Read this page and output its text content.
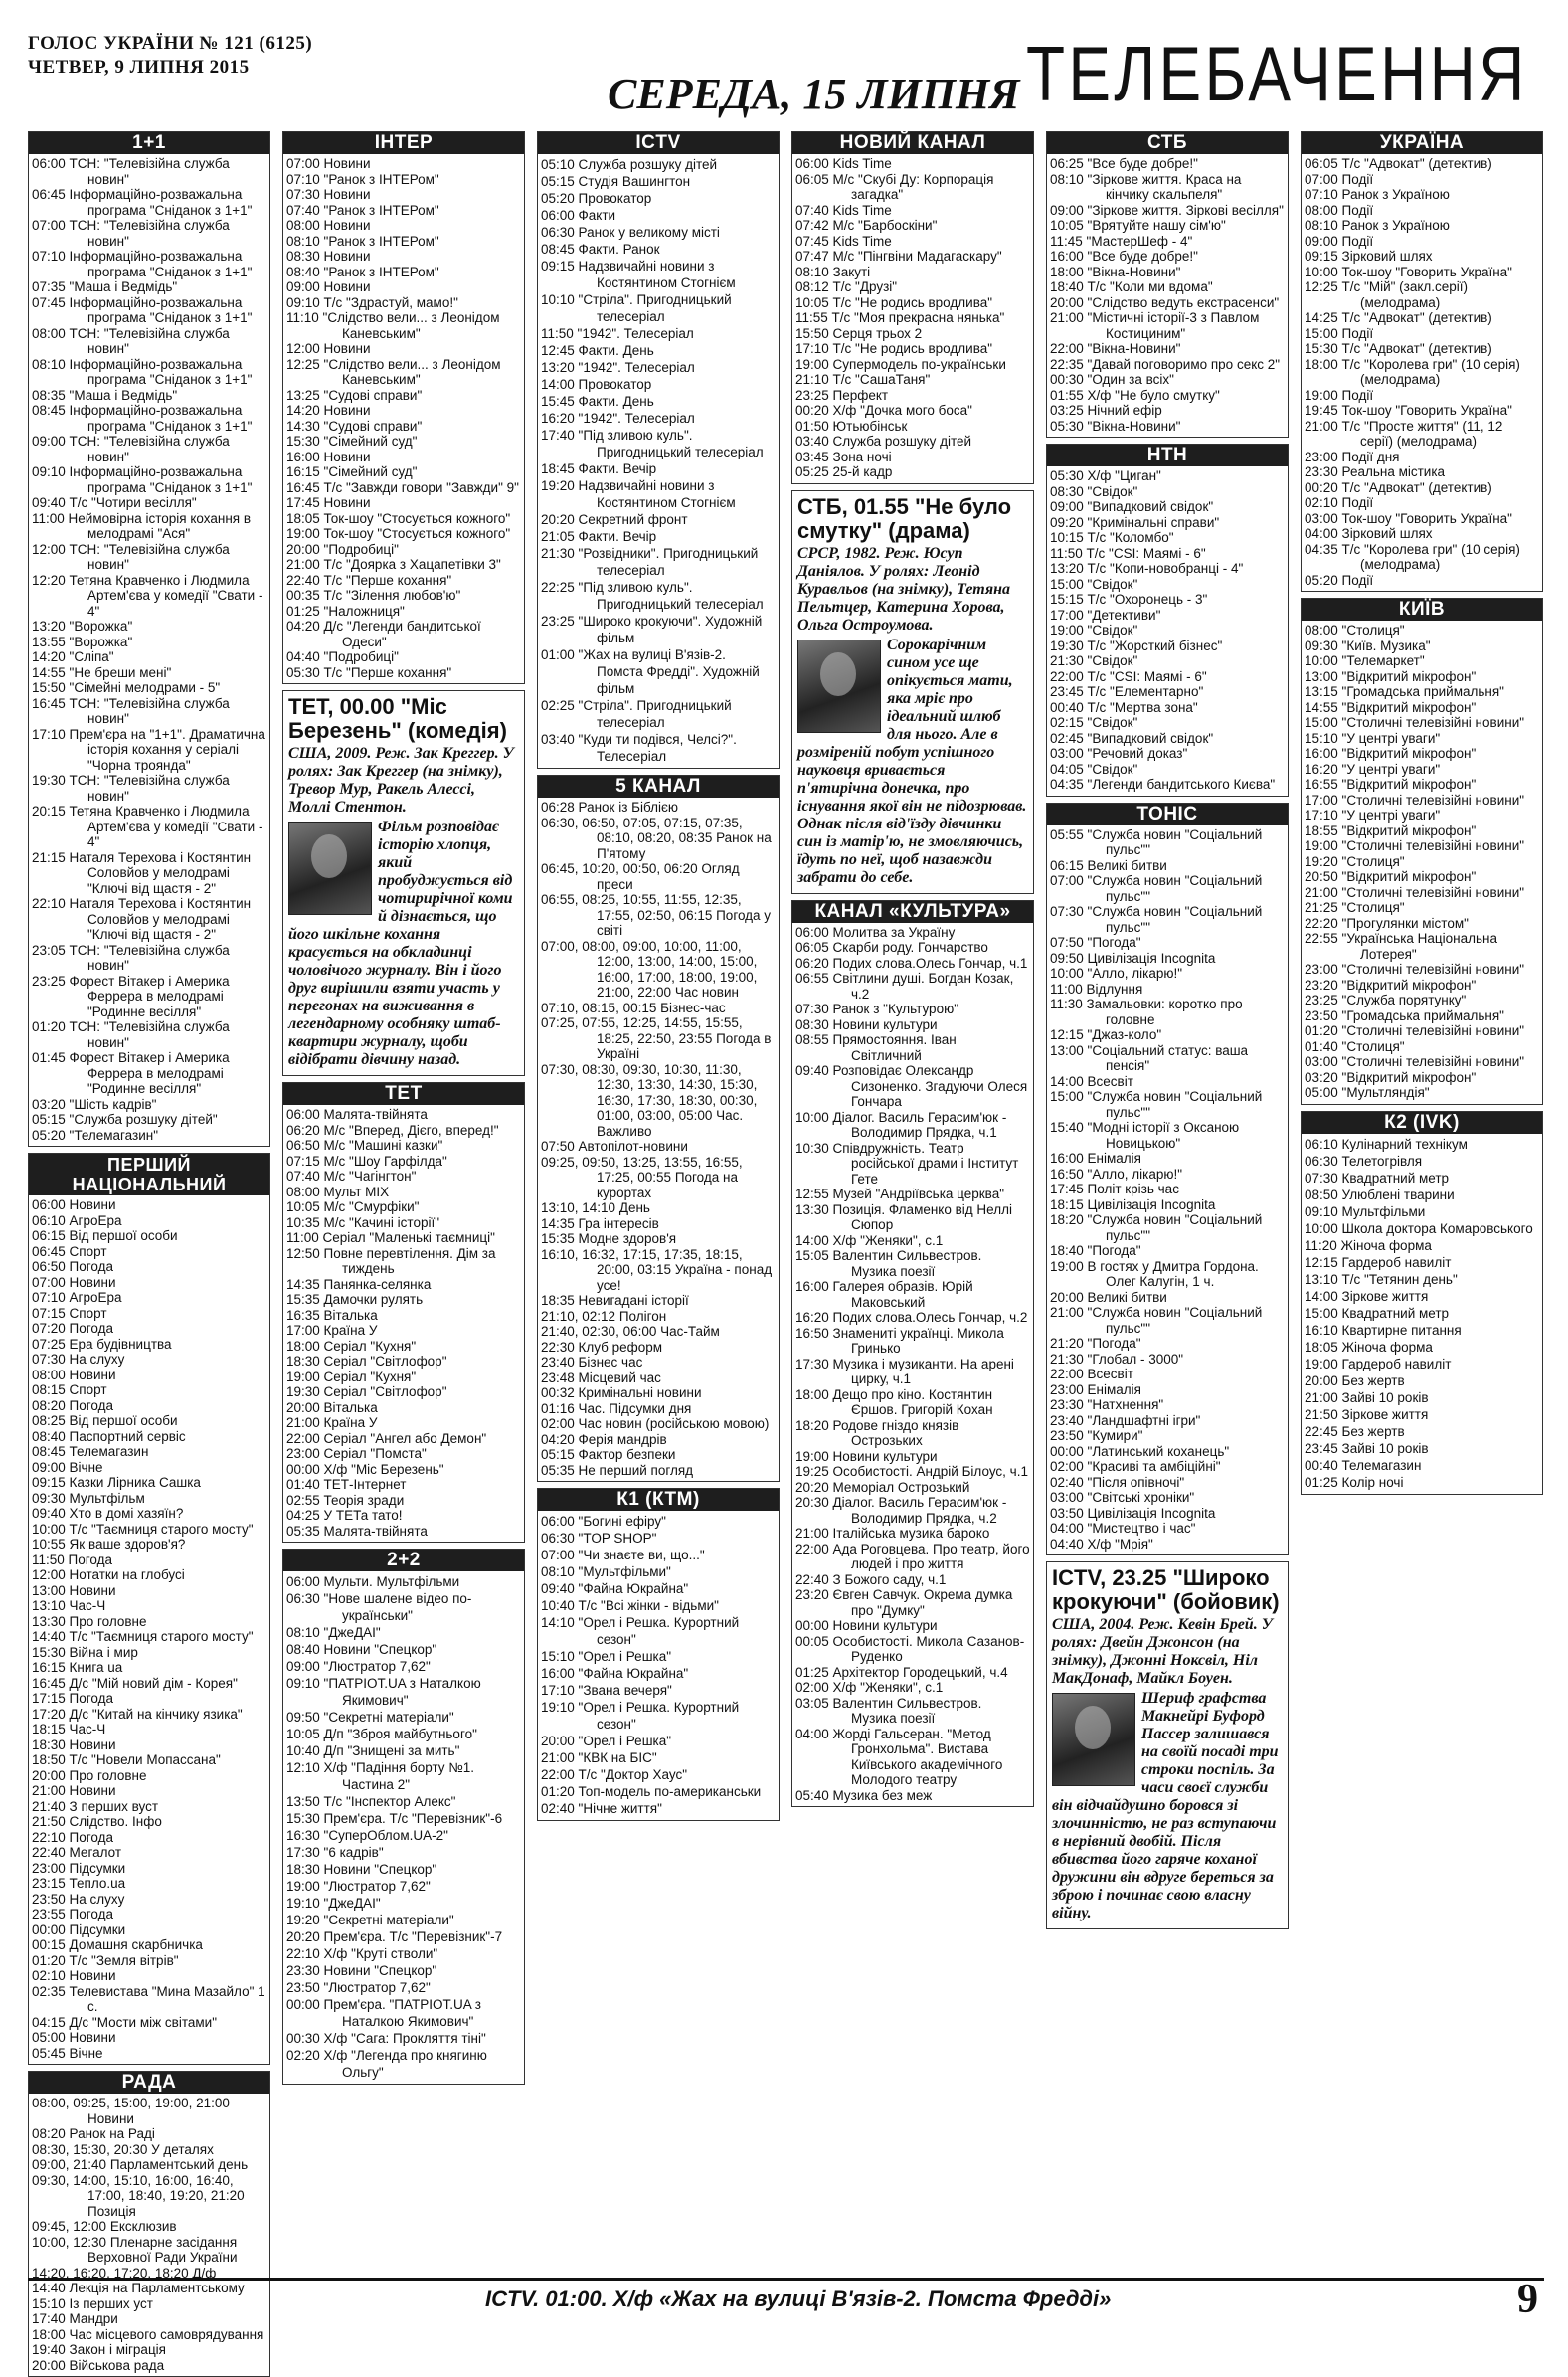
ГОЛОС УКРАЇНИ № 121 (6125)
ЧЕТВЕР, 9 ЛИПНЯ 2015
СЕРЕДА, 15 ЛИПНЯ ТЕЛЕБАЧЕННЯ
1+1
06:00 ТСН: "Телевізійна служба новин"
06:45 Інформаційно-розважальна програма "Сніданок з 1+1"
07:00 ТСН: "Телевізійна служба новин"
07:10 Інформаційно-розважальна програма "Сніданок з 1+1"
07:35 "Маша і Ведмідь"
07:45 Інформаційно-розважальна програма "Сніданок з 1+1"
08:00 ТСН: "Телевізійна служба новин"
08:10 Інформаційно-розважальна програма "Сніданок з 1+1"
08:35 "Маша і Ведмідь"
08:45 Інформаційно-розважальна програма "Сніданок з 1+1"
09:00 ТСН: "Телевізійна служба новин"
09:10 Інформаційно-розважальна програма "Сніданок з 1+1"
09:40 Т/с "Чотири весілля"
11:00 Неймовірна історія кохання в мелодрамі "Ася"
12:00 ТСН: "Телевізійна служба новин"
12:20 Тетяна Кравченко і Людмила Артем'єва у комедії "Свати - 4"
13:20 "Ворожка"
13:55 "Ворожка"
14:20 "Сліпа"
14:55 "Не бреши мені"
15:50 "Сімейні мелодрами - 5"
16:45 ТСН: "Телевізійна служба новин"
17:10 Прем'єра на "1+1". Драматична історія кохання у серіалі "Чорна троянда"
19:30 ТСН: "Телевізійна служба новин"
20:15 Тетяна Кравченко і Людмила Артем'єва у комедії "Свати - 4"
21:15 Наталя Терехова і Костянтин Соловйов у мелодрамі "Ключі від щастя - 2"
22:10 Наталя Терехова і Костянтин Соловйов у мелодрамі "Ключі від щастя - 2"
23:05 ТСН: "Телевізійна служба новин"
23:25 Форест Вітакер і Америка Феррера в мелодрамі "Родинне весілля"
01:20 ТСН: "Телевізійна служба новин"
01:45 Форест Вітакер і Америка Феррера в мелодрамі "Родинне весілля"
03:20 "Шість кадрів"
05:15 "Служба розшуку дітей"
05:20 "Телемагазин"
ПЕРШИЙ НАЦІОНАЛЬНИЙ
06:00 Новини
06:10 АгроЕра
06:15 Від першої особи
06:45 Спорт
06:50 Погода
07:00 Новини
07:10 АгроЕра
07:15 Спорт
07:20 Погода
07:25 Ера будівництва
07:30 На слуху
08:00 Новини
08:15 Спорт
08:20 Погода
08:25 Від першої особи
08:40 Паспортний сервіс
08:45 Телемагазин
09:00 Вічне
09:15 Казки Лірника Сашка
09:30 Мультфільм
09:40 Хто в домі хазяїн?
10:00 Т/с "Таємниця старого мосту"
10:55 Як ваше здоров'я?
11:50 Погода
12:00 Нотатки на глобусі
13:00 Новини
13:10 Час-Ч
13:30 Про головне
14:40 Т/с "Таємниця старого мосту"
15:30 Війна і мир
16:15 Книга ua
16:45 Д/с "Мій новий дім - Корея"
17:15 Погода
17:20 Д/с "Китай на кінчику язика"
18:15 Час-Ч
18:30 Новини
18:50 Т/с "Новели Мопассана"
20:00 Про головне
21:00 Новини
21:40 З перших вуст
21:50 Слідство. Інфо
22:10 Погода
22:40 Мегалот
23:00 Підсумки
23:15 Тепло.ua
23:50 На слуху
23:55 Погода
00:00 Підсумки
00:15 Домашня скарбничка
01:20 Т/с "Земля вітрів"
02:10 Новини
02:35 Телевистава "Мина Мазайло" 1 с.
04:15 Д/с "Мости між світами"
05:00 Новини
05:45 Вічне
РАДА
08:00, 09:25, 15:00, 19:00, 21:00 Новини
08:20 Ранок на Раді
08:30, 15:30, 20:30 У деталях
09:00, 21:40 Парламентський день
09:30, 14:00, 15:10, 16:00, 16:40, 17:00, 18:40, 19:20, 21:20 Позиція
09:45, 12:00 Ексклюзив
10:00, 12:30 Пленарне засідання Верховної Ради України
14:20, 16:20, 17:20, 18:20 Д/ф
14:40 Лекція на Парламентському
15:10 Із перших уст
17:40 Мандри
18:00 Час місцевого самоврядування
19:40 Закон і міграція
20:00 Військова рада
ІНТЕР
07:00 Новини
07:10 "Ранок з ІНТЕРом"
07:30 Новини
07:40 "Ранок з ІНТЕРом"
08:00 Новини
08:10 "Ранок з ІНТЕРом"
08:30 Новини
08:40 "Ранок з ІНТЕРом"
09:00 Новини
09:10 Т/с "Здрастуй, мамо!"
11:10 "Слідство вели... з Леонідом Каневським"
12:00 Новини
12:25 "Слідство вели... з Леонідом Каневським"
13:25 "Судові справи"
14:20 Новини
14:30 "Судові справи"
15:30 "Сімейний суд"
16:00 Новини
16:15 "Сімейний суд"
16:45 Т/с "Завжди говори "Завжди" 9"
17:45 Новини
18:05 Ток-шоу "Стосується кожного"
19:00 Ток-шоу "Стосується кожного"
20:00 "Подробиці"
21:00 Т/с "Доярка з Хацапетівки 3"
22:40 Т/с "Перше кохання"
00:35 Т/с "Зілення любов'ю"
01:25 "Наложниця"
04:20 Д/с "Легенди бандитської Одеси"
04:40 "Подробиці"
05:30 Т/с "Перше кохання"
ТЕТ, 00.00 "Міс Березень" (комедія)
США, 2009. Реж. Зак Креггер. У ролях: Зак Креггер (на знімку), Тревор Мур, Ракель Алессі, Моллі Стентон.
Фільм розповідає історію хлопця, який пробуджується від чотирирічної коми й дізнається, що його шкільне кохання красується на обкладинці чоловічого журналу. Він і його друг вирішили взяти участь у перегонах на виживання в легендарному особняку штаб-квартири журналу, щоби відібрати дівчину назад.
ТЕТ
06:00 Малята-твійнята
06:20 М/с "Вперед, Дієго, вперед!"
06:50 М/с "Машині казки"
07:15 М/с "Шоу Гарфілда"
07:40 М/с "Чагінгтон"
08:00 Мульт МІХ
10:05 М/с "Смурфіки"
10:35 М/с "Качині історії"
11:00 Серіал "Маленькі таємниці"
12:50 Повне перевтілення. Дім за тиждень
14:35 Панянка-селянка
15:35 Дамочки рулять
16:35 Віталька
17:00 Країна У
18:00 Серіал "Кухня"
18:30 Серіал "Світлофор"
19:00 Серіал "Кухня"
19:30 Серіал "Світлофор"
20:00 Віталька
21:00 Країна У
22:00 Серіал "Ангел або Демон"
23:00 Серіал "Помста"
00:00 Х/ф "Міс Березень"
01:40 ТЕТ-Інтернет
02:55 Теорія зради
04:25 У ТЕТа тато!
05:35 Малята-твійнята
2+2
06:00 Мульти. Мультфільми
06:30 "Нове шалене відео по-українськи"
08:10 "ДжеДАІ"
08:40 Новини "Спецкор"
09:00 "Люстратор 7,62"
09:10 "ПАТРІОТ.UA з Наталкою Якимович"
09:50 "Секретні матеріали"
10:05 Д/п "Зброя майбутнього"
10:40 Д/п "Знищені за мить"
12:10 Х/ф "Падіння борту №1. Частина 2"
13:50 Т/с "Інспектор Алекс"
15:30 Прем'єра. Т/с "Перевізник"-6
16:30 "СуперОблом.UA-2"
17:30 "6 кадрів"
18:30 Новини "Спецкор"
19:00 "Люстратор 7,62"
19:10 "ДжеДАІ"
19:20 "Секретні матеріали"
20:20 Прем'єра. Т/с "Перевізник"-7
22:10 Х/ф "Круті стволи"
23:30 Новини "Спецкор"
23:50 "Люстратор 7,62"
00:00 Прем'єра. "ПАТРІОТ.UA з Наталкою Якимович"
00:30 Х/ф "Сага: Прокляття тіні"
02:20 Х/ф "Легенда про княгиню Ольгу"
ICTV
05:10 Служба розшуку дітей
05:15 Студія Вашингтон
05:20 Провокатор
06:00 Факти
06:30 Ранок у великому місті
08:45 Факти. Ранок
09:15 Надзвичайні новини з Костянтином Стогнієм
10:10 "Стріла". Пригодницький телесеріал
11:50 "1942". Телесеріал
12:45 Факти. День
13:20 "1942". Телесеріал
14:00 Провокатор
15:45 Факти. День
16:20 "1942". Телесеріал
17:40 "Під зливою куль". Пригодницький телесеріал
18:45 Факти. Вечір
19:20 Надзвичайні новини з Костянтином Стогнієм
20:20 Секретний фронт
21:05 Факти. Вечір
21:30 "Розвідники". Пригодницький телесеріал
22:25 "Під зливою куль". Пригодницький телесеріал
23:25 "Широко крокуючи". Художній фільм
01:00 "Жах на вулиці В'язів-2. Помста Фредді". Художній фільм
02:25 "Стріла". Пригодницький телесеріал
03:40 "Куди ти подівся, Челсі?". Телесеріал
5 КАНАЛ
06:28 Ранок із Біблією
06:30, 06:50, 07:05, 07:15, 07:35, 08:10, 08:20, 08:35 Ранок на П'ятому
06:45, 10:20, 00:50, 06:20 Огляд преси
06:55, 08:25, 10:55, 11:55, 12:35, 17:55, 02:50, 06:15 Погода у світі
07:00, 08:00, 09:00, 10:00, 11:00, 12:00, 13:00, 14:00, 15:00, 16:00, 17:00, 18:00, 19:00, 21:00, 22:00 Час новин
07:10, 08:15, 00:15 Бізнес-час
07:25, 07:55, 12:25, 14:55, 15:55, 18:25, 22:50, 23:55 Погода в Україні
07:30, 08:30, 09:30, 10:30, 11:30, 12:30, 13:30, 14:30, 15:30, 16:30, 17:30, 18:30, 00:30, 01:00, 03:00, 05:00 Час. Важливо
07:50 Автопілот-новини
09:25, 09:50, 13:25, 13:55, 16:55, 17:25, 00:55 Погода на курортах
13:10, 14:10 День
14:35 Гра інтересів
15:35 Модне здоров'я
16:10, 16:32, 17:15, 17:35, 18:15, 20:00, 03:15 Україна - понад усе!
18:35 Невигадані історії
21:10, 02:12 Полігон
21:40, 02:30, 06:00 Час-Тайм
22:30 Клуб реформ
23:40 Бізнес час
23:48 Місцевий час
00:32 Кримінальні новини
01:16 Час. Підсумки дня
02:00 Час новин (російською мовою)
04:20 Ферія мандрів
05:15 Фактор безпеки
05:35 Не перший погляд
К1 (КТМ)
06:00 "Богині ефіру"
06:30 "TOP SHOP"
07:00 "Чи знаєте ви, що..."
08:10 "Мультфільми"
09:40 "Файна Юкрайна"
10:40 Т/с "Всі жінки - відьми"
14:10 "Орел і Решка. Курортний сезон"
15:10 "Орел і Решка"
16:00 "Файна Юкрайна"
17:10 "Звана вечеря"
19:10 "Орел і Решка. Курортний сезон"
20:00 "Орел і Решка"
21:00 "КВК на БІС"
22:00 Т/с "Доктор Хаус"
01:20 Топ-модель по-американськи
02:40 "Нічне життя"
НОВИЙ КАНАЛ
06:00 Kids Time
06:05 М/с "Скубі Ду: Корпорація загадка"
07:40 Kids Time
07:42 М/с "Барбоскіни"
07:45 Kids Time
07:47 М/с "Пінгвіни Мадагаскару"
08:10 Закуті
08:12 Т/с "Друзі"
10:05 Т/с "Не родись вродлива"
11:55 Т/с "Моя прекрасна нянька"
15:50 Серця трьох 2
17:10 Т/с "Не родись вродлива"
19:00 Супермодель по-українськи
21:10 Т/с "СашаТаня"
23:25 Перфект
00:20 Х/ф "Дочка мого боса"
01:50 Ютьюбінськ
03:40 Служба розшуку дітей
03:45 Зона ночі
05:25 25-й кадр
СТБ, 01.55 "Не було смутку" (драма)
СРСР, 1982. Реж. Юсуп Даніялов. У ролях: Леонід Куравльов (на знімку), Тетяна Пельтцер, Катерина Хорова, Ольга Остроумова.
Сорокарічним сином усе ще опікується мати, яка мріє про ідеальний шлюб для нього. Але в розміреній побут успішного науковця вривається п'ятирічна донечка, про існування якої він не підозрював. Однак після від'їзду дівчинки син із матір'ю, не змовляючись, їдуть по неї, щоб назавжди забрати до себе.
КАНАЛ «КУЛЬТУРА»
06:00 Молитва за Україну
06:05 Скарби роду. Гончарство
06:20 Подих слова.Олесь Гончар, ч.1
06:55 Світлини душі. Богдан Козак, ч.2
07:30 Ранок з "Культурою"
08:30 Новини культури
08:55 Прямостояння. Іван Світличний
09:40 Розповідає Олександр Сизоненко. Згадуючи Олеся Гончара
10:00 Діалог. Василь Герасим'юк - Володимир Прядка, ч.1
10:30 Співдружність. Театр російської драми і Інститут Гете
12:55 Музей "Андріївська церква"
13:30 Позиція. Фламенко від Неллі Сюпор
14:00 Х/ф "Женяки", с.1
15:05 Валентин Сильвестров. Музика поезії
16:00 Галерея образів. Юрій Маковський
16:20 Подих слова.Олесь Гончар, ч.2
16:50 Знамениті українці. Микола Гринько
17:30 Музика і музиканти. На арені цирку, ч.1
18:00 Дещо про кіно. Костянтин Єршов. Григорій Кохан
18:20 Родове гніздо князів Острозьких
19:00 Новини культури
19:25 Особистості. Андрій Білоус, ч.1
20:20 Меморіал Острозький
20:30 Діалог. Василь Герасим'юк - Володимир Прядка, ч.2
21:00 Італійська музика бароко
22:00 Ада Роговцева. Про театр, його людей і про життя
22:40 З Божого саду, ч.1
23:20 Євген Савчук. Окрема думка про "Думку"
00:00 Новини культури
00:05 Особистості. Микола Сазанов-Руденко
01:25 Архітектор Городецький, ч.4
02:00 Х/ф "Женяки", с.1
03:05 Валентин Сильвестров. Музика поезії
04:00 Жорді Гальсеран. "Метод Гронхольма". Вистава Київського академічного Молодого театру
05:40 Музика без меж
СТБ
06:25 "Все буде добре!"
08:10 "Зіркове життя. Краса на кінчику скальпеля"
09:00 "Зіркове життя. Зіркові весілля"
10:05 "Врятуйте нашу сім'ю"
11:45 "МастерШеф - 4"
16:00 "Все буде добре!"
18:00 "Вікна-Новини"
18:40 Т/с "Коли ми вдома"
20:00 "Слідство ведуть екстрасенси"
21:00 "Містичні історії-3 з Павлом Костициним"
22:00 "Вікна-Новини"
22:35 "Давай поговоримо про секс 2"
00:30 "Один за всіх"
01:55 Х/ф "Не було смутку"
03:25 Нічний ефір
05:30 "Вікна-Новини"
НТН
05:30 Х/ф "Циган"
08:30 "Свідок"
09:00 "Випадковий свідок"
09:20 "Кримінальні справи"
10:15 Т/с "Коломбо"
11:50 Т/с "CSI: Маямі - 6"
13:20 Т/с "Копи-новобранці - 4"
15:00 "Свідок"
15:15 Т/с "Охоронець - 3"
17:00 "Детективи"
19:00 "Свідок"
19:30 Т/с "Жорсткий бізнес"
21:30 "Свідок"
22:00 Т/с "CSI: Маямі - 6"
23:45 Т/с "Елементарно"
00:40 Т/с "Мертва зона"
02:15 "Свідок"
02:45 "Випадковий свідок"
03:00 "Речовий доказ"
04:05 "Свідок"
04:35 "Легенди бандитського Києва"
ТОНІС
05:55 "Служба новин "Соціальний пульс""
06:15 Великі битви
07:00 "Служба новин "Соціальний пульс""
07:30 "Служба новин "Соціальний пульс""
07:50 "Погода"
09:50 Цивілізація Incognita
10:00 "Алло, лікарю!"
11:00 Відлуння
11:30 Замальовки: коротко про головне
12:15 "Джаз-коло"
13:00 "Соціальний статус: ваша пенсія"
14:00 Всесвіт
15:00 "Служба новин "Соціальний пульс""
15:40 "Модні історії з Оксаною Новицькою"
16:00 Енімалія
16:50 "Алло, лікарю!"
17:45 Політ крізь час
18:15 Цивілізація Incognita
18:20 "Служба новин "Соціальний пульс""
18:40 "Погода"
19:00 В гостях у Дмитра Гордона. Олег Калугін, 1 ч.
20:00 Великі битви
21:00 "Служба новин "Соціальний пульс""
21:20 "Погода"
21:30 "Глобал - 3000"
22:00 Всесвіт
23:00 Енімалія
23:30 "Натхнення"
23:40 "Ландшафтні ігри"
23:50 "Кумири"
00:00 "Латинський коханець"
02:00 "Красиві та амбіційні"
02:40 "Після опівночі"
03:00 "Світські хроніки"
03:50 Цивілізація Incognita
04:00 "Мистецтво і час"
04:40 Х/ф "Мрія"
ICTV, 23.25 "Широко крокуючи" (бойовик)
США, 2004. Реж. Кевін Брей. У ролях: Двейн Джонсон (на знімку), Джонні Ноксвіл, Ніл МакДонаф, Майкл Боуен.
Шериф графства Макнейрі Буфорд Пассер залишався на своїй посаді три строки поспіль. За часи своєї служби він відчайдушно боровся зі злочинністю, не раз вступаючи в нерівний двобій. Після вбивства його гаряче коханої дружини він вдруге береться за зброю і починає свою власну війну.
УКРАЇНА
06:05 Т/с "Адвокат" (детектив)
07:00 Події
07:10 Ранок з Україною
08:00 Події
08:10 Ранок з Україною
09:00 Події
09:15 Зірковий шлях
10:00 Ток-шоу "Говорить Україна"
12:25 Т/с "Мій" (закл.серії) (мелодрама)
14:25 Т/с "Адвокат" (детектив)
15:00 Події
15:30 Т/с "Адвокат" (детектив)
18:00 Т/с "Королева гри" (10 серія) (мелодрама)
19:00 Події
19:45 Ток-шоу "Говорить Україна"
21:00 Т/с "Просте життя" (11, 12 серії) (мелодрама)
23:00 Події дня
23:30 Реальна містика
00:20 Т/с "Адвокат" (детектив)
02:10 Події
03:00 Ток-шоу "Говорить Україна"
04:00 Зірковий шлях
04:35 Т/с "Королева гри" (10 серія) (мелодрама)
05:20 Події
КИЇВ
08:00 "Столиця"
09:30 "Київ. Музика"
10:00 "Телемаркет"
13:00 "Відкритий мікрофон"
13:15 "Громадська приймальня"
14:55 "Відкритий мікрофон"
15:00 "Столичні телевізійні новини"
15:10 "У центрі уваги"
16:00 "Відкритий мікрофон"
16:20 "У центрі уваги"
16:55 "Відкритий мікрофон"
17:00 "Столичні телевізійні новини"
17:10 "У центрі уваги"
18:55 "Відкритий мікрофон"
19:00 "Столичні телевізійні новини"
19:20 "Столиця"
20:50 "Відкритий мікрофон"
21:00 "Столичні телевізійні новини"
21:25 "Столиця"
22:20 "Прогулянки містом"
22:55 "Українська Національна Лотерея"
23:00 "Столичні телевізійні новини"
23:20 "Відкритий мікрофон"
23:25 "Служба порятунку"
23:50 "Громадська приймальня"
01:20 "Столичні телевізійні новини"
01:40 "Столиця"
03:00 "Столичні телевізійні новини"
03:20 "Відкритий мікрофон"
05:00 "Мультляндія"
К2 (IVK)
06:10 Кулінарний технікум
06:30 Телетогрівля
07:30 Квадратний метр
08:50 Улюблені тварини
09:10 Мультфільми
10:00 Школа доктора Комаровського
11:20 Жіноча форма
12:15 Гардероб навиліт
13:10 Т/с "Тетянин день"
14:00 Зіркове життя
15:00 Квадратний метр
16:10 Квартирне питання
18:05 Жіноча форма
19:00 Гардероб навиліт
20:00 Без жертв
21:00 Зайві 10 років
21:50 Зіркове життя
22:45 Без жертв
23:45 Зайві 10 років
00:40 Телемагазин
01:25 Колір ночі
ICTV. 01:00. Х/ф «Жах на вулиці В'язів-2. Помста Фредді»	9
